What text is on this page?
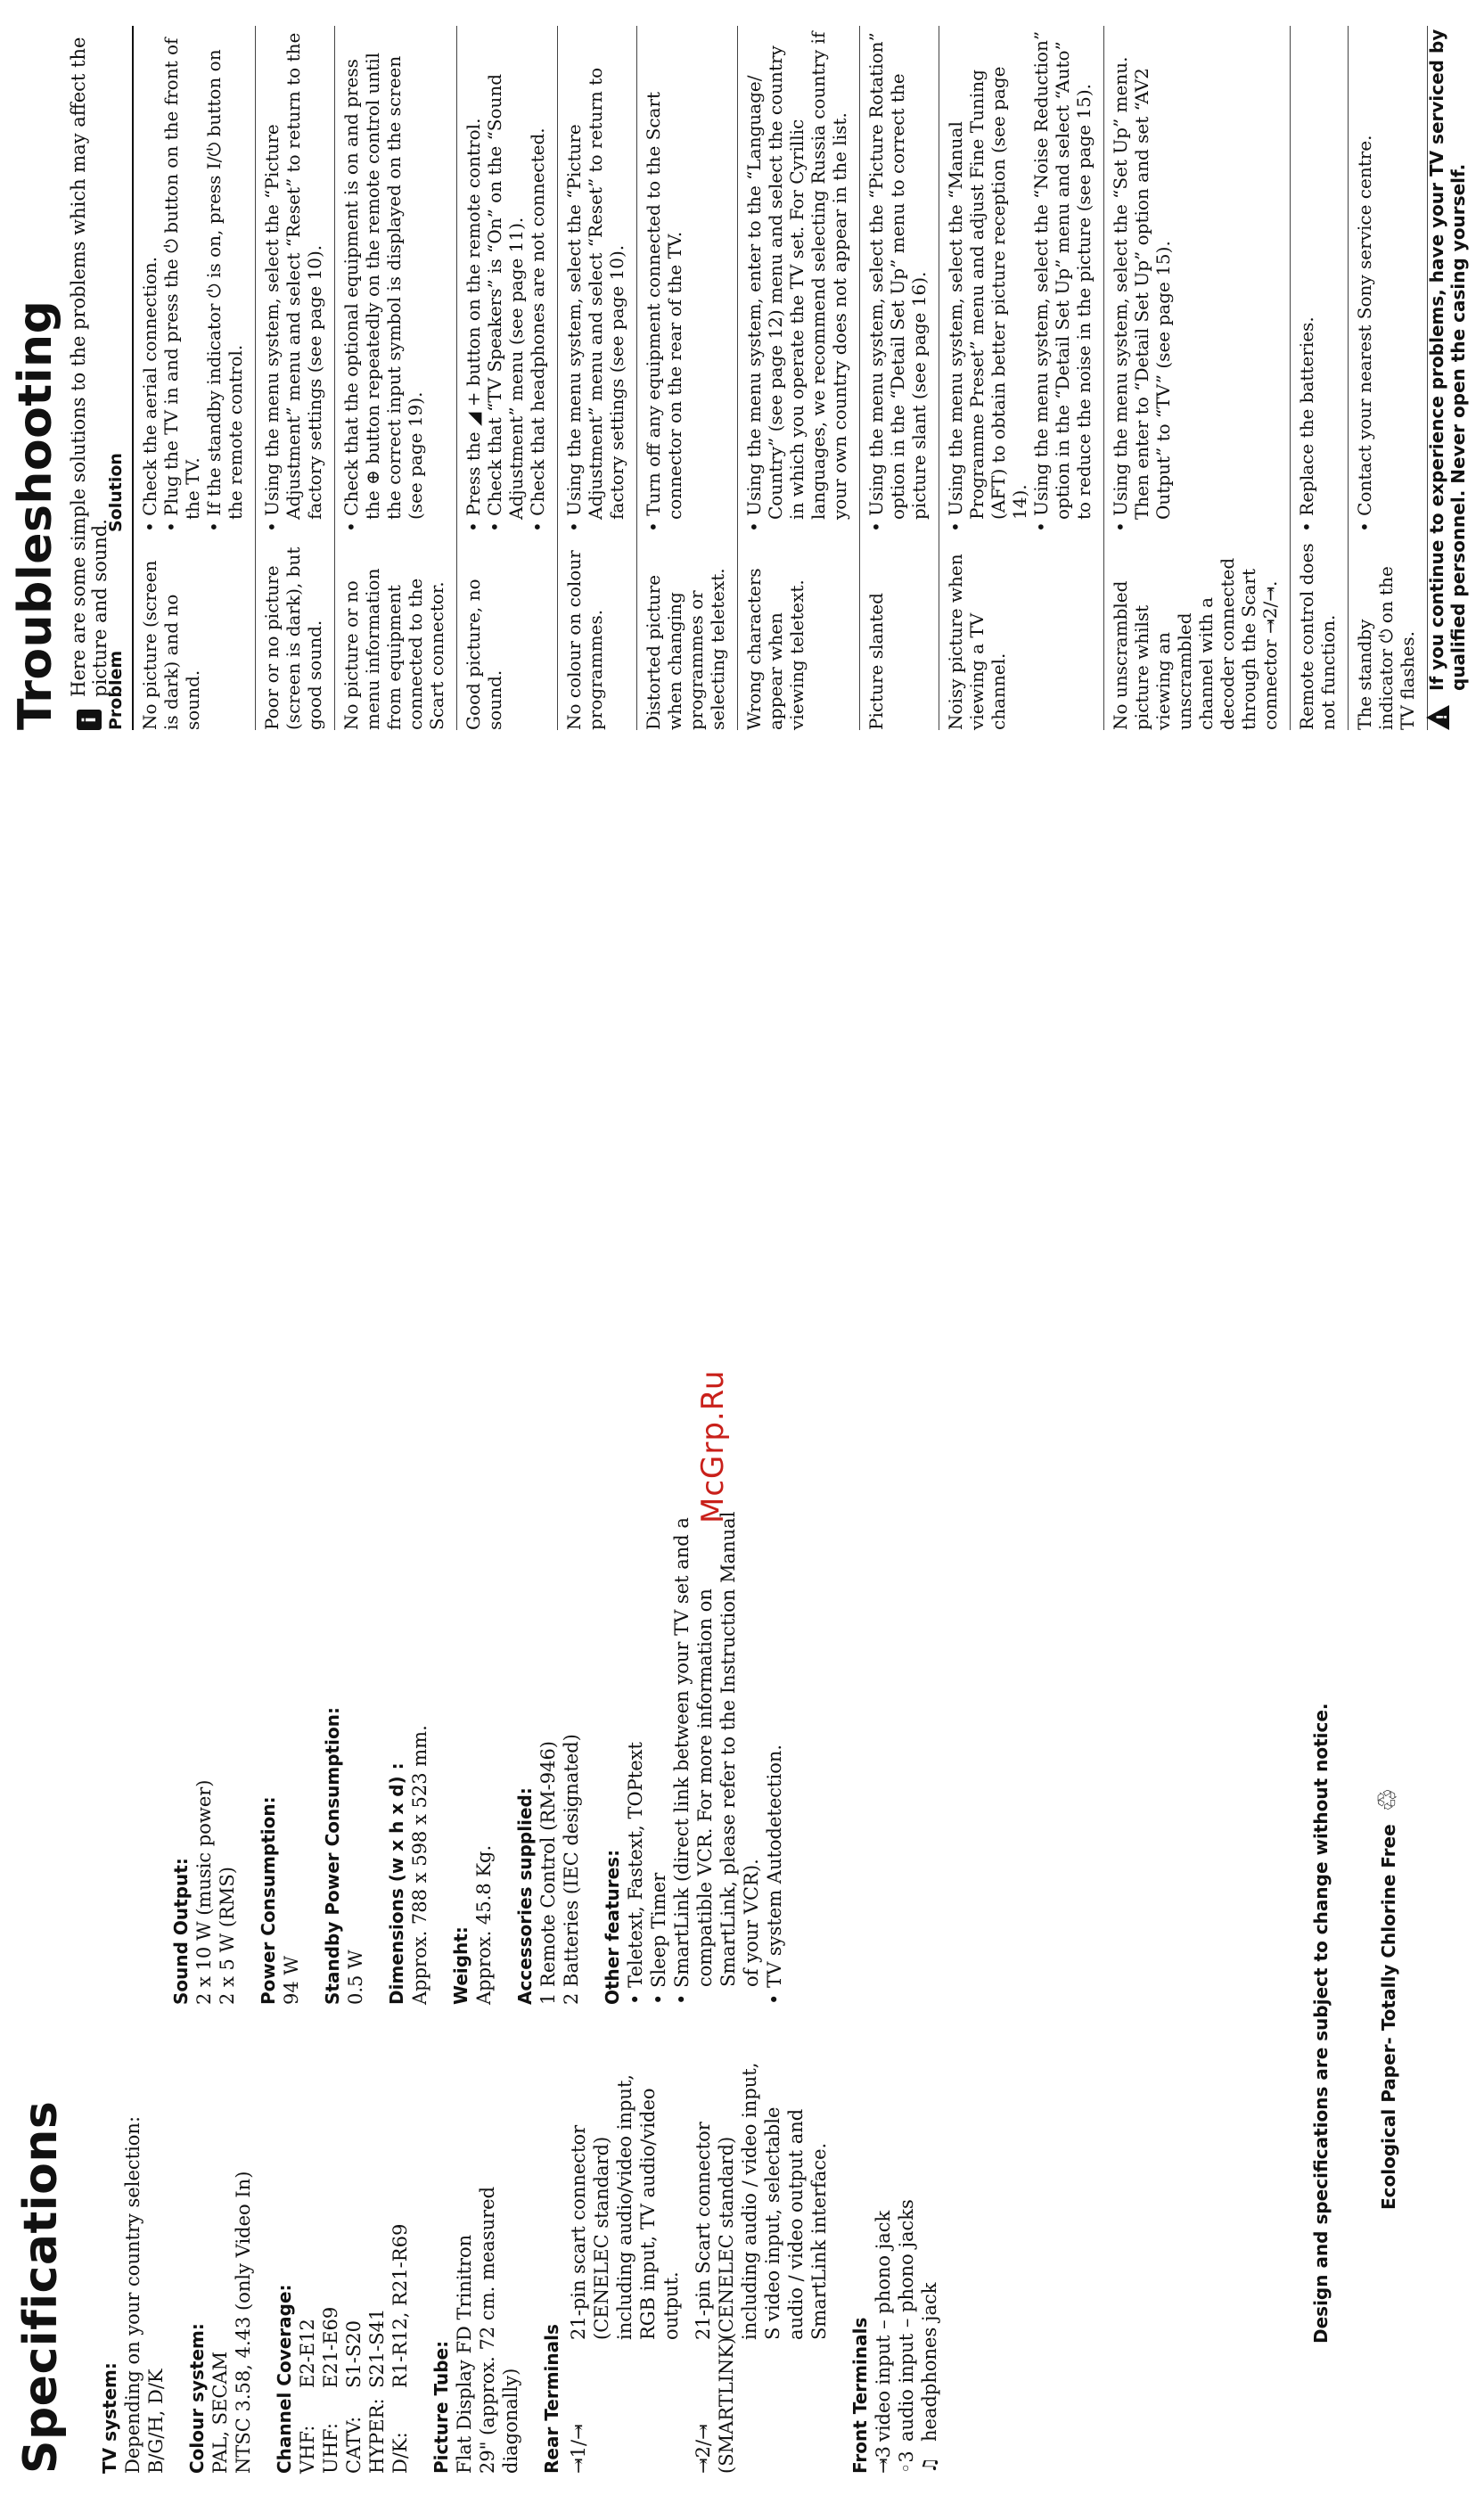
Specifications TV system: Depending on your country selection: B/G/H, D/K Colour system: PAL, SECAM NTSC 3.58, 4.43 (only Video In) Channel Coverage: VHF:
E2-E12
UHF:
E21-E69
CATV:
S1-S20
HYPER:
S21-S41
D/K:
R1-R12, R21-R69
Picture Tube: Flat Display FD Trinitron 29" (approx. 72 cm. measured diagonally) Rear Terminals ⇥1/⇥
21-pin scart connector (CENELEC standard) including audio/video input, RGB input, TV audio/video output.
⇥2/⇥ (SMARTLINK)
21-pin Scart connector (CENELEC standard) including audio / video input, S video input, selectable audio / video output and SmartLink interface.
Front Terminals ⇥3
video input – phono jack
◦3
audio input – phono jacks
♫
headphones jack
Sound Output: 2 x 10 W (music power) 2 x 5 W (RMS) Power Consumption: 94 W Standby Power Consumption: 0.5 W Dimensions (w x h x d) : Approx. 788 x 598 x 523 mm. Weight: Approx. 45.8 Kg. Accessories supplied: 1 Remote Control (RM-946) 2 Batteries (IEC designated) Other features: • Teletext, Fastext, TOPtext • Sleep Timer • SmartLink (direct link between your TV set and a compatible VCR. For more information on SmartLink, please refer to the Instruction Manual of your VCR). • TV system Autodetection.	Design and specifications are subject to change without notice.	Ecological Paper- Totally Chlorine Free
♲
McGrp.Ru
Troubleshooting i
Here are some simple solutions to the problems which may affect the picture and sound.
Problem
Solution
No picture (screen is dark) and no sound.
• Check the aerial connection. • Plug the TV in and press the ⏻ button on the front of the TV. • If the standby indicator ⏻ is on, press I/⏻ button on the remote control.
Poor or no picture (screen is dark), but good sound.
• Using the menu system, select the “Picture Adjustment” menu and select “Reset” to return to the factory settings (see page 10).
No picture or no menu information from equipment connected to the Scart connector.
• Check that the optional equipment is on and press the ⊕ button repeatedly on the remote control until the correct input symbol is displayed on the screen (see page 19).
Good picture, no sound.
• Press the ◢ + button on the remote control. • Check that “TV Speakers” is “On” on the “Sound Adjustment” menu (see page 11). • Check that headphones are not connected.
No colour on colour programmes.
• Using the menu system, select the “Picture Adjustment” menu and select “Reset” to return to factory settings (see page 10).
Distorted picture when changing programmes or selecting teletext.
• Turn off any equipment connected to the Scart connector on the rear of the TV.
Wrong characters appear when viewing teletext.
• Using the menu system, enter to the “Language/ Country” (see page 12) menu and select the country in which you operate the TV set. For Cyrillic languages, we recommend selecting Russia country if your own country does not appear in the list.
Picture slanted
• Using the menu system, select the “Picture Rotation” option in the “Detail Set Up” menu to correct the picture slant (see page 16).
Noisy picture when viewing a TV channel.
• Using the menu system, select the “Manual Programme Preset” menu and adjust Fine Tuning (AFT) to obtain better picture reception (see page 14). • Using the menu system, select the “Noise Reduction” option in the “Detail Set Up” menu and select “Auto” to reduce the noise in the picture (see page 15).
No unscrambled picture whilst viewing an unscrambled channel with a decoder connected through the Scart connector ⇥2/⇥.
• Using the menu system, select the “Set Up” menu. Then enter to “Detail Set Up” option and set “AV2 Output” to “TV” (see page 15).
Remote control does not function.
• Replace the batteries.
The standby indicator ⏻ on the TV flashes.
• Contact your nearest Sony service centre.
!	If you continue to experience problems, have your TV serviced by qualified personnel. Never open the casing yourself.
